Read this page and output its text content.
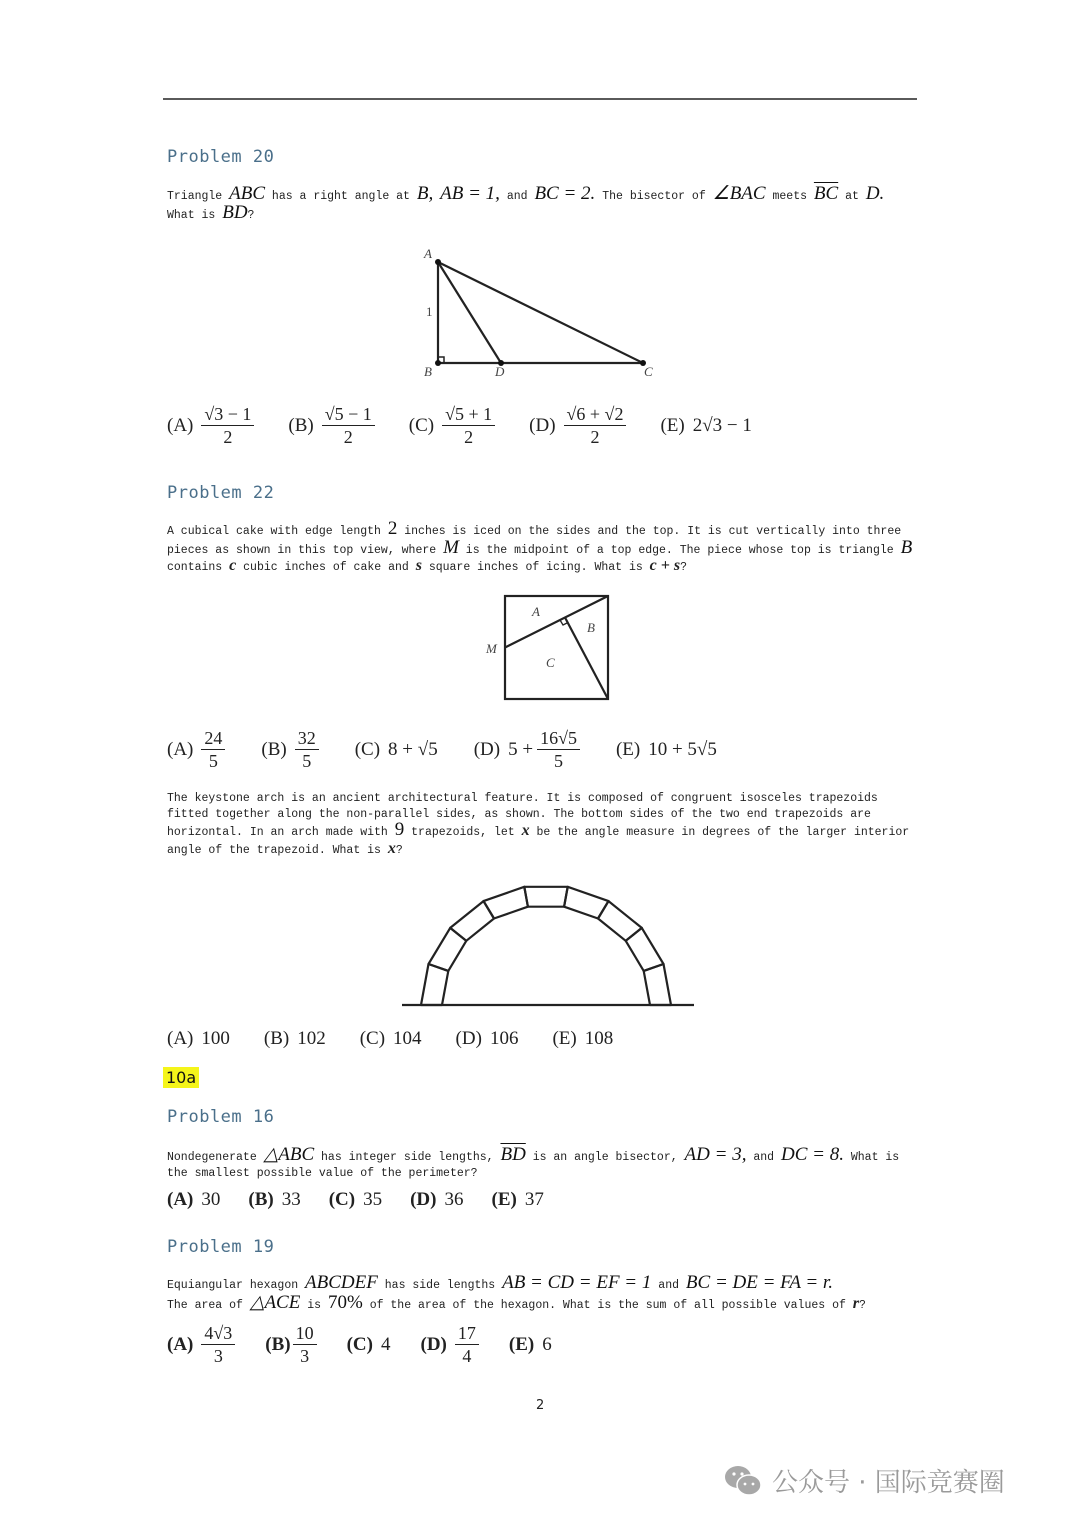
Problem 20
Triangle ABC has a right angle at B, AB = 1, and BC = 2. The bisector of ∠BAC meets $\overline{BC}$ at D.
What is BD?
A
B	C
D
1
$(A) \frac{√3 - 1}{2} (B) \frac{√5 - 1}{2} (C) \frac{√5 + 1}{2} (D) \frac{√6 + √2}{2} (E) 2√3 - 1$
Problem 22
A cubical cake with edge length 2 inches is iced on the sides and the top. It is cut vertically into three pieces as shown in this top view, where M is the midpoint of a top edge. The piece whose top is triangle B contains c cubic inches of cake and s square inches of icing. What is c + s?
A
B
C
M
$(A) \frac{24}{5} (B) \frac{32}{5} (C) 8 + √5$ (D) $5 + \frac{16√5}{5} (E) 10 + 5√5$
The keystone arch is an ancient architectural feature. It is composed of congruent isosceles trapezoids fitted together along the non-parallel sides, as shown. The bottom sides of the two end trapezoids are horizontal. In an arch made with 9 trapezoids, let x be the angle measure in degrees of the larger interior angle of the trapezoid. What is x?
(A) 100 (B) 102 (C) 104 (D) 106 (E) 108
10a
Problem 16
Nondegenerate △ABC has integer side lengths, $\overline{BD}$ is an angle bisector, AD = 3, and DC = 8. What is the smallest possible value of the perimeter?
(A) 30 (B) 33 (C) 35 (D) 36 (E) 37
Problem 19
Equiangular hexagon ABCDEF has side lengths AB = CD = EF = 1 and BC = DE = FA = r.
The area of △ACE is 70% of the area of the hexagon. What is the sum of all possible values of r?
$(A) \frac{4√3}{3} (B) \frac{10}{3} (C)$ 4 $(D) \frac{17}{4} (E)$ 6
2
公众号 · 国际竞赛圈
